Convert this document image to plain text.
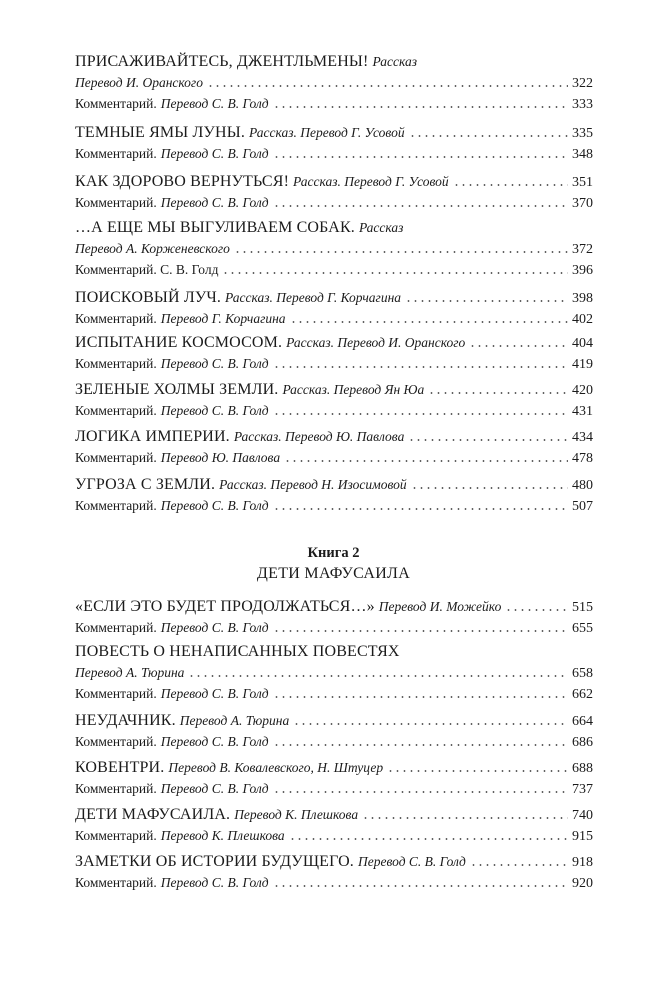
ПРИСАЖИВАЙТЕСЬ, ДЖЕНТЛЬМЕНЫ! Рассказ
Перевод И. Оранского	322
Комментарий. Перевод С. В. Голд	333
ТЕМНЫЕ ЯМЫ ЛУНЫ. Рассказ. Перевод Г. Усовой	335
Комментарий. Перевод С. В. Голд	348
КАК ЗДОРОВО ВЕРНУТЬСЯ! Рассказ. Перевод Г. Усовой	351
Комментарий. Перевод С. В. Голд	370
…А ЕЩЕ МЫ ВЫГУЛИВАЕМ СОБАК. Рассказ
Перевод А. Корженевского	372
Комментарий. С. В. Голд	396
ПОИСКОВЫЙ ЛУЧ. Рассказ. Перевод Г. Корчагина	398
Комментарий. Перевод Г. Корчагина	402
ИСПЫТАНИЕ КОСМОСОМ. Рассказ. Перевод И. Оранского	404
Комментарий. Перевод С. В. Голд	419
ЗЕЛЕНЫЕ ХОЛМЫ ЗЕМЛИ. Рассказ. Перевод Ян Юа	420
Комментарий. Перевод С. В. Голд	431
ЛОГИКА ИМПЕРИИ. Рассказ. Перевод Ю. Павлова	434
Комментарий. Перевод Ю. Павлова	478
УГРОЗА С ЗЕМЛИ. Рассказ. Перевод Н. Изосимовой	480
Комментарий. Перевод С. В. Голд	507
Книга 2
ДЕТИ МАФУСАИЛА
«ЕСЛИ ЭТО БУДЕТ ПРОДОЛЖАТЬСЯ…» Перевод И. Можейко	515
Комментарий. Перевод С. В. Голд	655
ПОВЕСТЬ О НЕНАПИСАННЫХ ПОВЕСТЯХ
Перевод А. Тюрина	658
Комментарий. Перевод С. В. Голд	662
НЕУДАЧНИК. Перевод А. Тюрина	664
Комментарий. Перевод С. В. Голд	686
КОВЕНТРИ. Перевод В. Ковалевского, Н. Штуцер	688
Комментарий. Перевод С. В. Голд	737
ДЕТИ МАФУСАИЛА. Перевод К. Плешкова	740
Комментарий. Перевод К. Плешкова	915
ЗАМЕТКИ ОБ ИСТОРИИ БУДУЩЕГО. Перевод С. В. Голд	918
Комментарий. Перевод С. В. Голд	920
